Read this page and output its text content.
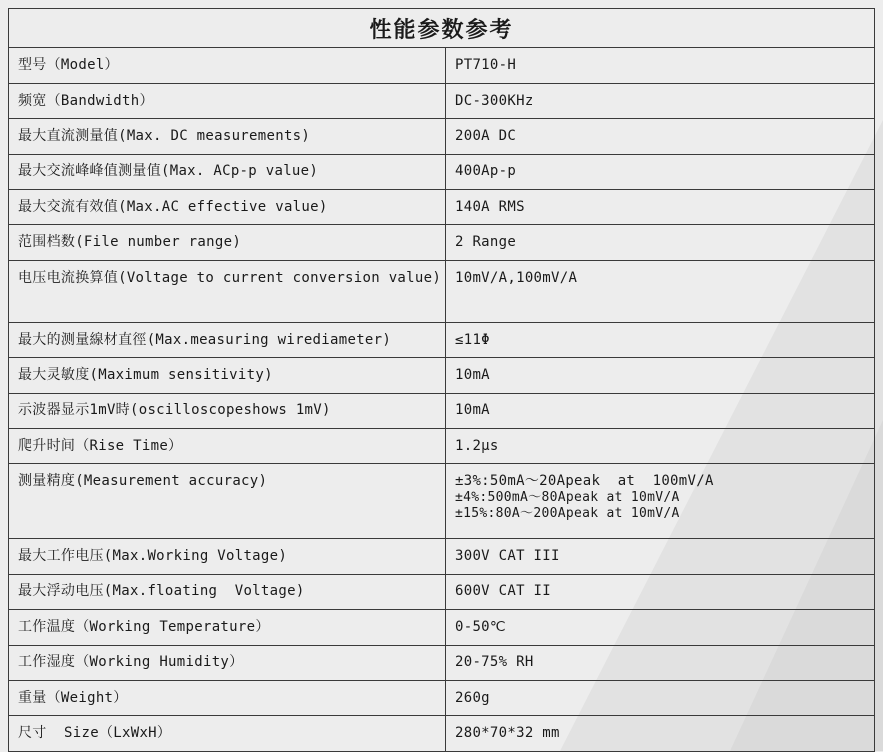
性能参数参考
型号（Model）	PT710-H

频宽（Bandwidth）	DC-300KHz

最大直流测量值(Max. DC measurements)	200A DC

最大交流峰峰值测量值(Max. ACp-p value)	400Ap-p

最大交流有效值(Max.AC effective value)	140A RMS

范围档数(File number range)	2 Range

电压电流换算值(Voltage to current conversion value)	10mV/A,100mV/A

最大的测量線材直徑(Max.measuring wirediameter)	≤11Φ

最大灵敏度(Maximum sensitivity)	10mA

示波器显示1mV時(oscilloscopeshows 1mV)	10mA

爬升时间（Rise Time）	1.2μs

测量精度(Measurement accuracy)	±3%:50mA～20Apeak  at  100mV/A
±4%:500mA～80Apeak at 10mV/A
±15%:80A～200Apeak at 10mV/A

最大工作电压(Max.Working Voltage)	300V CAT III

最大浮动电压(Max.floating  Voltage)	600V CAT II

工作温度（Working Temperature）	0-50℃

工作湿度（Working Humidity）	20-75% RH

重量（Weight）	260g

尺寸  Size（LxWxH）	280*70*32 mm
